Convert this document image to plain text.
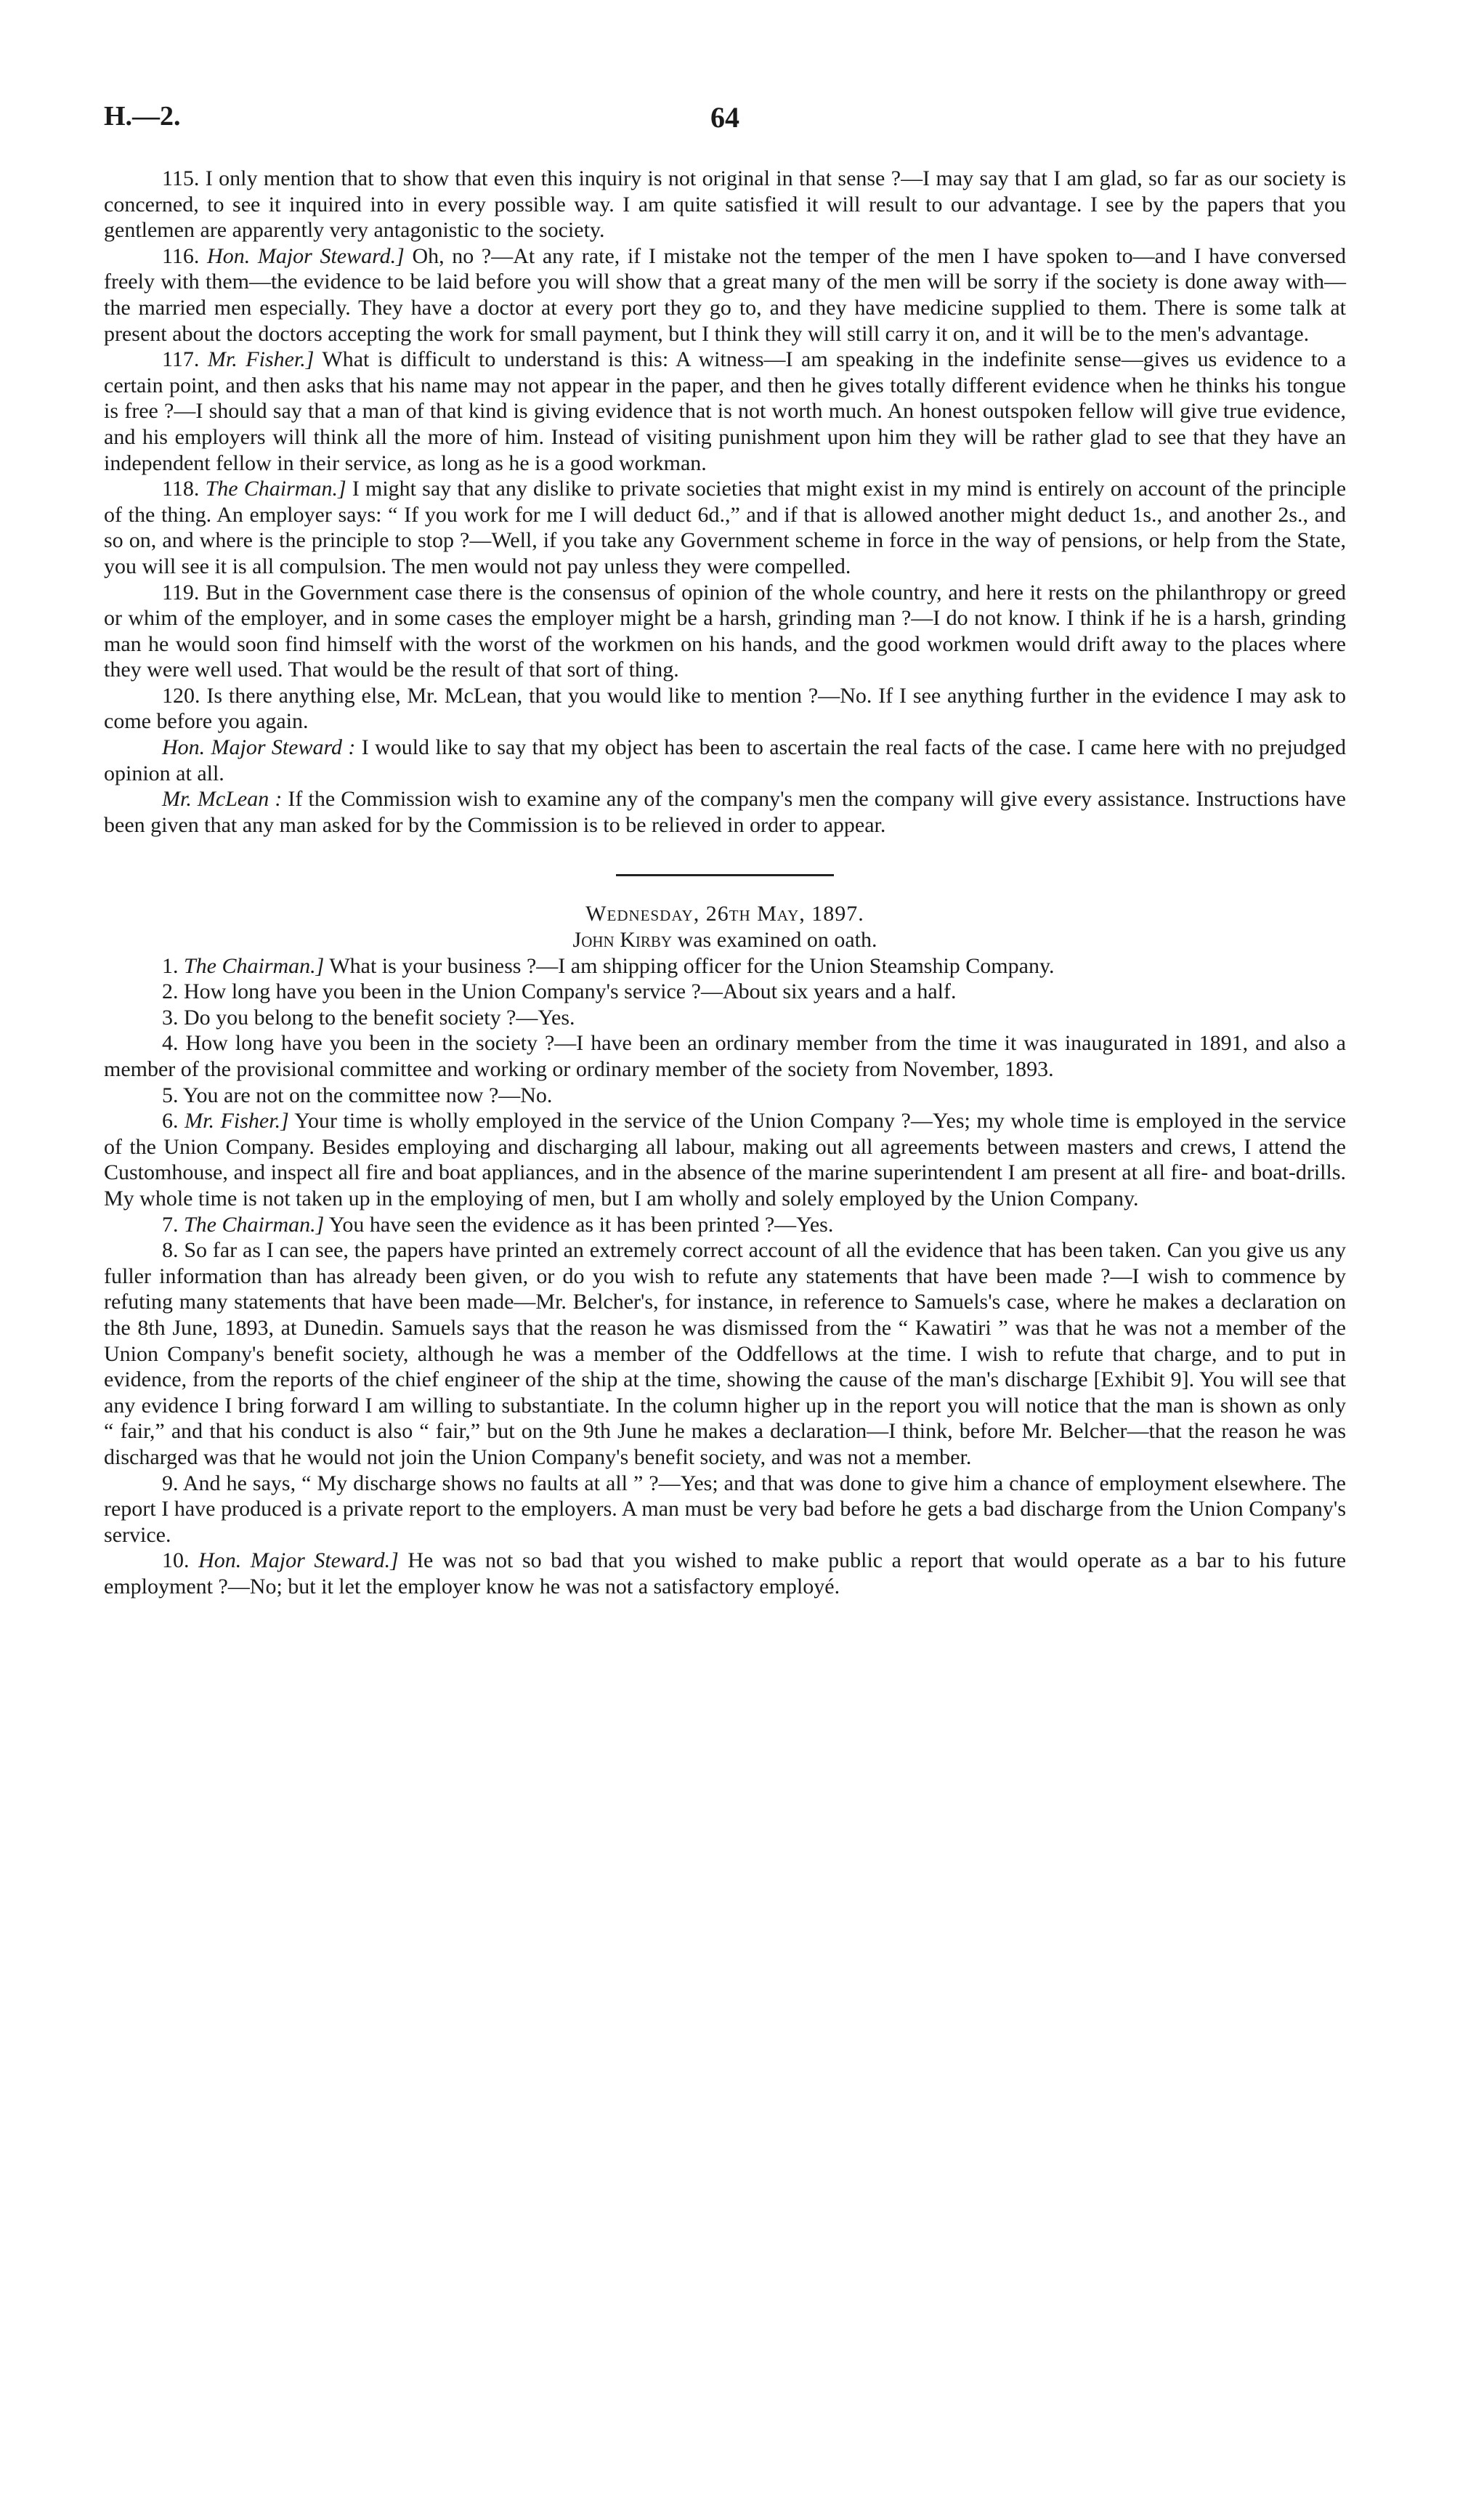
H.—2.	64

115. I only mention that to show that even this inquiry is not original in that sense ?—I may say that I am glad, so far as our society is concerned, to see it inquired into in every possible way. I am quite satisfied it will result to our advantage. I see by the papers that you gentlemen are apparently very antagonistic to the society.

116. Hon. Major Steward.] Oh, no ?—At any rate, if I mistake not the temper of the men I have spoken to—and I have conversed freely with them—the evidence to be laid before you will show that a great many of the men will be sorry if the society is done away with—the married men especially. They have a doctor at every port they go to, and they have medicine supplied to them. There is some talk at present about the doctors accepting the work for small payment, but I think they will still carry it on, and it will be to the men's advantage.

117. Mr. Fisher.] What is difficult to understand is this: A witness—I am speaking in the indefinite sense—gives us evidence to a certain point, and then asks that his name may not appear in the paper, and then he gives totally different evidence when he thinks his tongue is free ?—I should say that a man of that kind is giving evidence that is not worth much. An honest outspoken fellow will give true evidence, and his employers will think all the more of him. Instead of visiting punishment upon him they will be rather glad to see that they have an independent fellow in their service, as long as he is a good workman.

118. The Chairman.] I might say that any dislike to private societies that might exist in my mind is entirely on account of the principle of the thing. An employer says: “ If you work for me I will deduct 6d.,” and if that is allowed another might deduct 1s., and another 2s., and so on, and where is the principle to stop ?—Well, if you take any Government scheme in force in the way of pensions, or help from the State, you will see it is all compulsion. The men would not pay unless they were compelled.

119. But in the Government case there is the consensus of opinion of the whole country, and here it rests on the philanthropy or greed or whim of the employer, and in some cases the employer might be a harsh, grinding man ?—I do not know. I think if he is a harsh, grinding man he would soon find himself with the worst of the workmen on his hands, and the good workmen would drift away to the places where they were well used. That would be the result of that sort of thing.

120. Is there anything else, Mr. McLean, that you would like to mention ?—No. If I see anything further in the evidence I may ask to come before you again.

Hon. Major Steward : I would like to say that my object has been to ascertain the real facts of the case. I came here with no prejudged opinion at all.

Mr. McLean : If the Commission wish to examine any of the company's men the company will give every assistance. Instructions have been given that any man asked for by the Commission is to be relieved in order to appear.

Wednesday, 26th May, 1897.

John Kirby was examined on oath.

1. The Chairman.] What is your business ?—I am shipping officer for the Union Steamship Company.

2. How long have you been in the Union Company's service ?—About six years and a half.

3. Do you belong to the benefit society ?—Yes.

4. How long have you been in the society ?—I have been an ordinary member from the time it was inaugurated in 1891, and also a member of the provisional committee and working or ordinary member of the society from November, 1893.

5. You are not on the committee now ?—No.

6. Mr. Fisher.] Your time is wholly employed in the service of the Union Company ?—Yes; my whole time is employed in the service of the Union Company. Besides employing and discharging all labour, making out all agreements between masters and crews, I attend the Customhouse, and inspect all fire and boat appliances, and in the absence of the marine superintendent I am present at all fire- and boat-drills. My whole time is not taken up in the employing of men, but I am wholly and solely employed by the Union Company.

7. The Chairman.] You have seen the evidence as it has been printed ?—Yes.

8. So far as I can see, the papers have printed an extremely correct account of all the evidence that has been taken. Can you give us any fuller information than has already been given, or do you wish to refute any statements that have been made ?—I wish to commence by refuting many statements that have been made—Mr. Belcher's, for instance, in reference to Samuels's case, where he makes a declaration on the 8th June, 1893, at Dunedin. Samuels says that the reason he was dismissed from the “ Kawatiri ” was that he was not a member of the Union Company's benefit society, although he was a member of the Oddfellows at the time. I wish to refute that charge, and to put in evidence, from the reports of the chief engineer of the ship at the time, showing the cause of the man's discharge [Exhibit 9]. You will see that any evidence I bring forward I am willing to substantiate. In the column higher up in the report you will notice that the man is shown as only “ fair,” and that his conduct is also “ fair,” but on the 9th June he makes a declaration—I think, before Mr. Belcher—that the reason he was discharged was that he would not join the Union Company's benefit society, and was not a member.

9. And he says, “ My discharge shows no faults at all ” ?—Yes; and that was done to give him a chance of employment elsewhere. The report I have produced is a private report to the employers. A man must be very bad before he gets a bad discharge from the Union Company's service.

10. Hon. Major Steward.] He was not so bad that you wished to make public a report that would operate as a bar to his future employment ?—No; but it let the employer know he was not a satisfactory employé.
